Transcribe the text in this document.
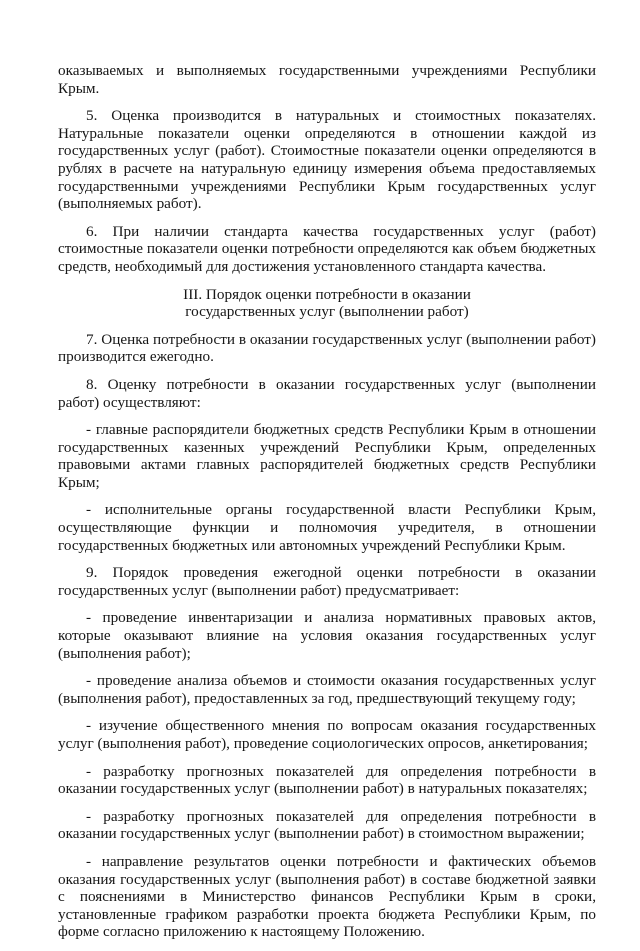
оказываемых и выполняемых государственными учреждениями Республики Крым.

5. Оценка производится в натуральных и стоимостных показателях. Натуральные показатели оценки определяются в отношении каждой из государственных услуг (работ). Стоимостные показатели оценки определяются в рублях в расчете на натуральную единицу измерения объема предоставляемых государственными учреждениями Республики Крым государственных услуг (выполняемых работ).

6. При наличии стандарта качества государственных услуг (работ) стоимостные показатели оценки потребности определяются как объем бюджетных средств, необходимый для достижения установленного стандарта качества.

III. Порядок оценки потребности в оказании
государственных услуг (выполнении работ)

7. Оценка потребности в оказании государственных услуг (выполнении работ) производится ежегодно.

8. Оценку потребности в оказании государственных услуг (выполнении работ) осуществляют:

- главные распорядители бюджетных средств Республики Крым в отношении государственных казенных учреждений Республики Крым, определенных правовыми актами главных распорядителей бюджетных средств Республики Крым;

- исполнительные органы государственной власти Республики Крым, осуществляющие функции и полномочия учредителя, в отношении государственных бюджетных или автономных учреждений Республики Крым.

9. Порядок проведения ежегодной оценки потребности в оказании государственных услуг (выполнении работ) предусматривает:

- проведение инвентаризации и анализа нормативных правовых актов, которые оказывают влияние на условия оказания государственных услуг (выполнения работ);

- проведение анализа объемов и стоимости оказания государственных услуг (выполнения работ), предоставленных за год, предшествующий текущему году;

- изучение общественного мнения по вопросам оказания государственных услуг (выполнения работ), проведение социологических опросов, анкетирования;

- разработку прогнозных показателей для определения потребности в оказании государственных услуг (выполнении работ) в натуральных показателях;

- разработку прогнозных показателей для определения потребности в оказании государственных услуг (выполнении работ) в стоимостном выражении;

- направление результатов оценки потребности и фактических объемов оказания государственных услуг (выполнения работ) в составе бюджетной заявки с пояснениями в Министерство финансов Республики Крым в сроки, установленные графиком разработки проекта бюджета Республики Крым, по форме согласно приложению к настоящему Положению.
